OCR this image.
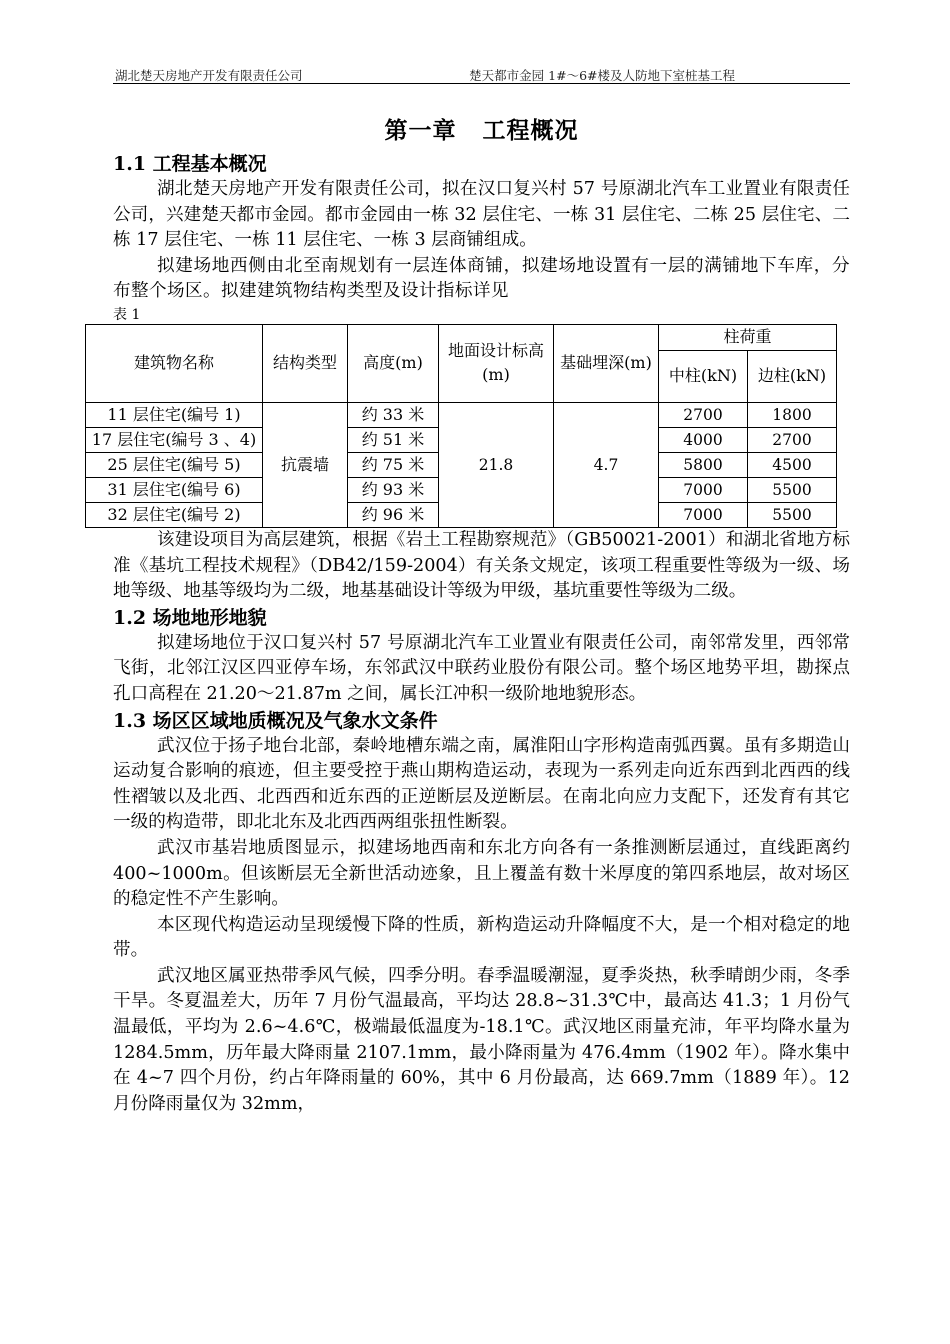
湖北楚天房地产开发有限责任公司	楚天都市金园 1#～6#楼及人防地下室桩基工程
第一章 工程概况
1.1 工程基本概况

湖北楚天房地产开发有限责任公司，拟在汉口复兴村 57 号原湖北汽车工业置业有限责任公司，兴建楚天都市金园。都市金园由一栋 32 层住宅、一栋 31 层住宅、二栋 25 层住宅、二栋 17 层住宅、一栋 11 层住宅、一栋 3 层商铺组成。

拟建场地西侧由北至南规划有一层连体商铺，拟建场地设置有一层的满铺地下车库，分布整个场区。拟建建筑物结构类型及设计指标详见

表 1
建筑物名称	结构类型	高度(m)	地面设计标高(m)	基础埋深(m)	柱荷重	
					中柱(kN)	边柱(kN)
11 层住宅(编号 1)	抗震墙	约 33 米	21.8	4.7	2700	1800
17 层住宅(编号 3 、4)		约 51 米			4000	2700
25 层住宅(编号 5)		约 75 米			5800	4500
31 层住宅(编号 6)		约 93 米			7000	5500
32 层住宅(编号 2)		约 96 米			7000	5500

该建设项目为高层建筑，根据《岩土工程勘察规范》（GB50021-2001）和湖北省地方标准《基坑工程技术规程》（DB42/159-2004）有关条文规定，该项工程重要性等级为一级、场地等级、地基等级均为二级，地基基础设计等级为甲级，基坑重要性等级为二级。

1.2 场地地形地貌

拟建场地位于汉口复兴村 57 号原湖北汽车工业置业有限责任公司，南邻常发里，西邻常飞街，北邻江汉区四亚停车场，东邻武汉中联药业股份有限公司。整个场区地势平坦，勘探点孔口高程在 21.20～21.87m 之间，属长江冲积一级阶地地貌形态。

1.3 场区区域地质概况及气象水文条件

武汉位于扬子地台北部，秦岭地槽东端之南，属淮阳山字形构造南弧西翼。虽有多期造山运动复合影响的痕迹，但主要受控于燕山期构造运动，表现为一系列走向近东西到北西西的线性褶皱以及北西、北西西和近东西的正逆断层及逆断层。在南北向应力支配下，还发育有其它一级的构造带，即北北东及北西西两组张扭性断裂。

武汉市基岩地质图显示，拟建场地西南和东北方向各有一条推测断层通过，直线距离约 400~1000m。但该断层无全新世活动迹象，且上覆盖有数十米厚度的第四系地层，故对场区的稳定性不产生影响。

本区现代构造运动呈现缓慢下降的性质，新构造运动升降幅度不大，是一个相对稳定的地带。

武汉地区属亚热带季风气候，四季分明。春季温暖潮湿，夏季炎热，秋季晴朗少雨，冬季干旱。冬夏温差大，历年 7 月份气温最高，平均达 28.8~31.3℃中，最高达 41.3；1 月份气温最低，平均为 2.6~4.6℃，极端最低温度为-18.1℃。武汉地区雨量充沛，年平均降水量为 1284.5mm，历年最大降雨量 2107.1mm，最小降雨量为 476.4mm（1902 年）。降水集中在 4~7 四个月份，约占年降雨量的 60%，其中 6 月份最高，达 669.7mm（1889 年）。12 月份降雨量仅为 32mm，
